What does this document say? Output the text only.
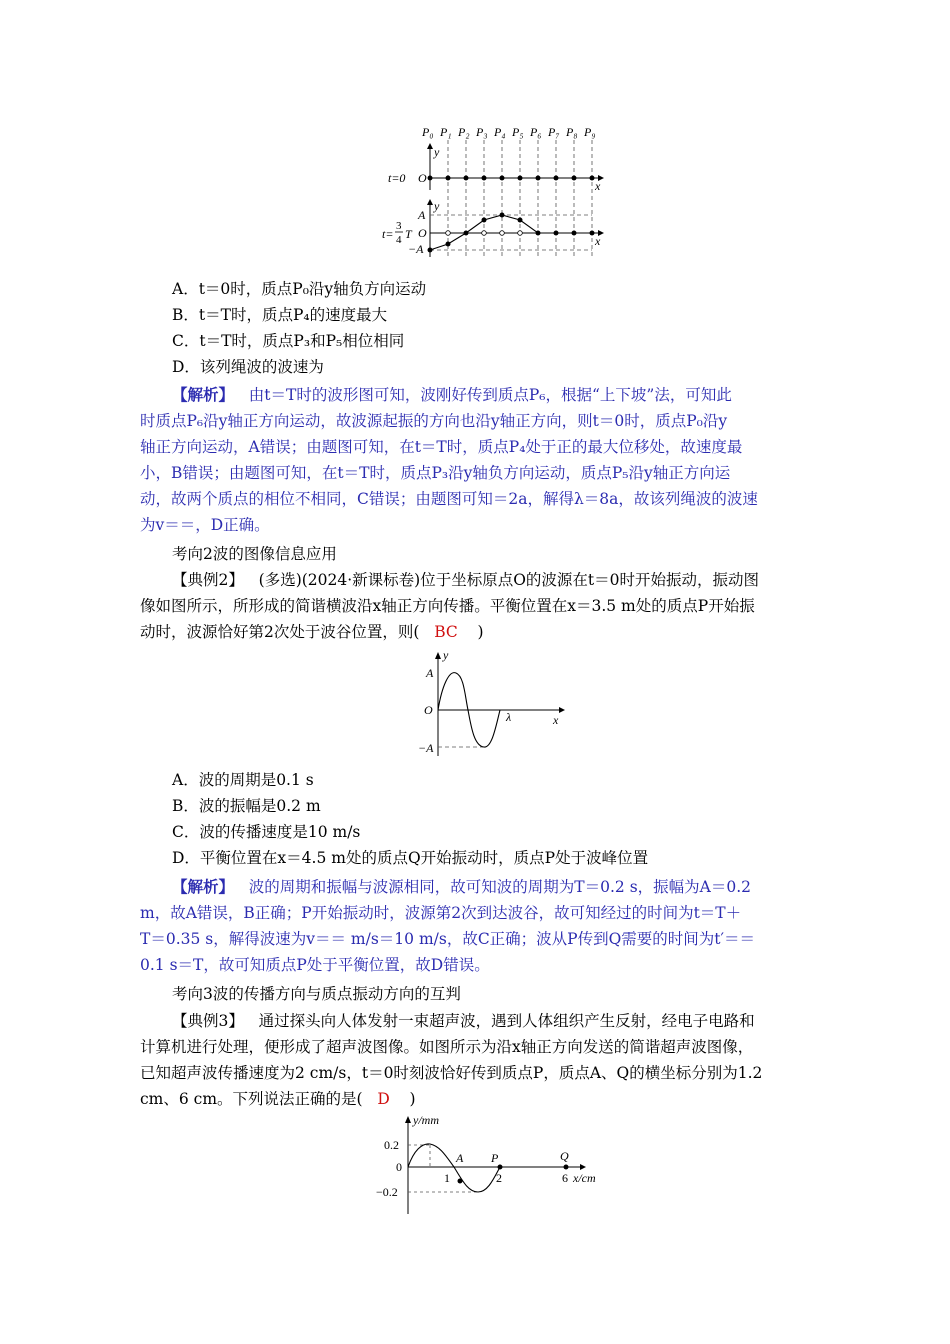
P₀ P₁ P₂ P₃ P₄ P₅ P₆ P₇ P₈ P₉
y
x
O
t=0
y
x
A
O
−A
t=
3
4 T
A．t＝0时，质点P₀沿y轴负方向运动
B．t＝T时，质点P₄的速度最大
C．t＝T时，质点P₃和P₅相位相同
D．该列绳波的波速为
【解析】 由t＝T时的波形图可知，波刚好传到质点P₆，根据“上下坡”法，可知此
时质点P₆沿y轴正方向运动，故波源起振的方向也沿y轴正方向，则t＝0时，质点P₀沿y
轴正方向运动，A错误；由题图可知，在t＝T时，质点P₄处于正的最大位移处，故速度最
小，B错误；由题图可知，在t＝T时，质点P₃沿y轴负方向运动，质点P₅沿y轴正方向运
动，故两个质点的相位不相同，C错误；由题图可知＝2a，解得λ＝8a，故该列绳波的波速
为v＝＝，D正确。
考向2波的图像信息应用
【典例2】 (多选)(2024·新课标卷)位于坐标原点O的波源在t＝0时开始振动，振动图
像如图所示，所形成的简谐横波沿x轴正方向传播。平衡位置在x＝3.5 m处的质点P开始振
动时，波源恰好第2次处于波谷位置，则( BC )
y
x
O
A
−A
λ
A．波的周期是0.1 s
B．波的振幅是0.2 m
C．波的传播速度是10 m/s
D．平衡位置在x＝4.5 m处的质点Q开始振动时，质点P处于波峰位置
【解析】 波的周期和振幅与波源相同，故可知波的周期为T＝0.2 s，振幅为A＝0.2
m，故A错误，B正确；P开始振动时，波源第2次到达波谷，故可知经过的时间为t＝T＋
T＝0.35 s，解得波速为v＝＝ m/s＝10 m/s，故C正确；波从P传到Q需要的时间为t′＝＝
0.1 s＝T，故可知质点P处于平衡位置，故D错误。
考向3波的传播方向与质点振动方向的互判
【典例3】 通过探头向人体发射一束超声波，遇到人体组织产生反射，经电子电路和
计算机进行处理，便形成了超声波图像。如图所示为沿x轴正方向发送的简谐超声波图像，
已知超声波传播速度为2 cm/s，t＝0时刻波恰好传到质点P，质点A、Q的横坐标分别为1.2
cm、6 cm。下列说法正确的是( D )
y/mm
x/cm
0.2
0
−0.2
A P	Q
1	2	6
